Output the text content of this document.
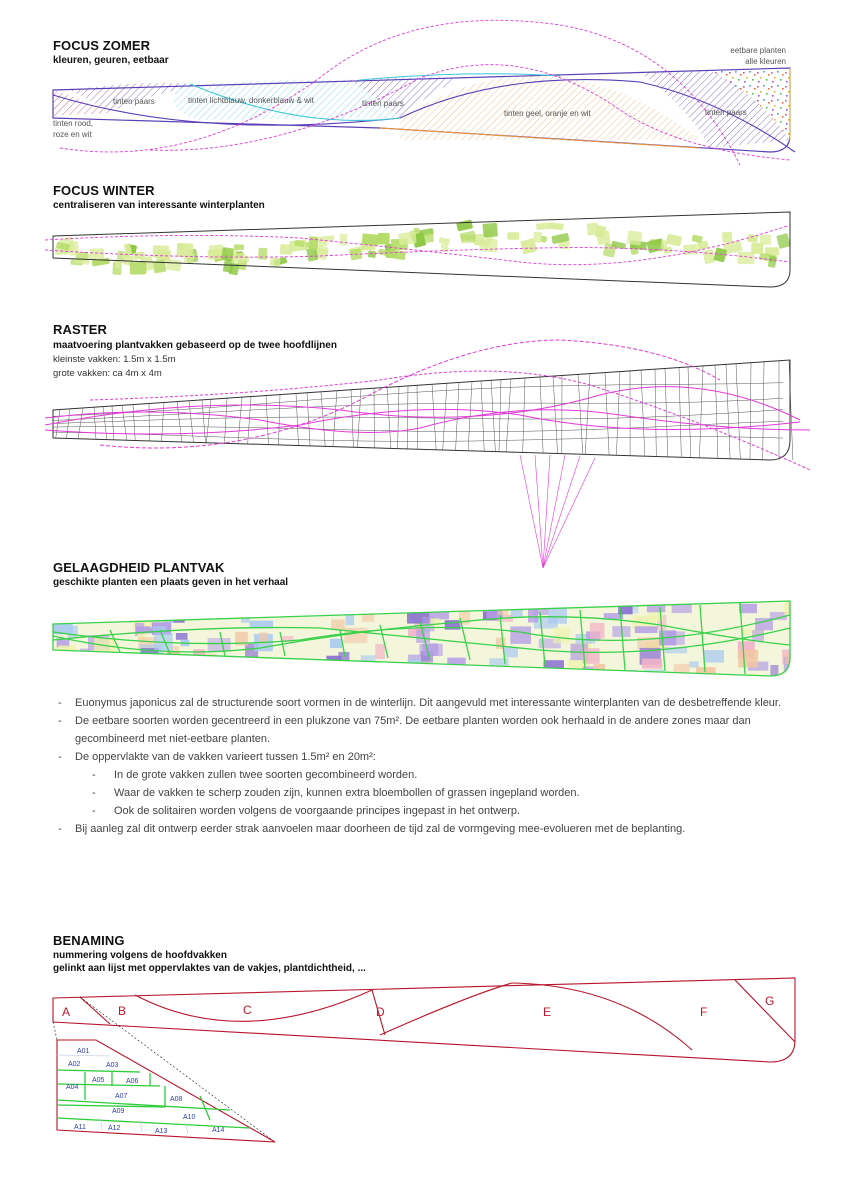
FOCUS ZOMER
kleuren, geuren, eetbaar
tinten rood,
roze en wit
tinten paars	tinten lichtblauw, donkerblauw & wit	tinten paars
tinten geel, oranje en wit	tinten paars
eetbare planten
alle kleuren
FOCUS WINTER
centraliseren van interessante winterplanten
RASTER
maatvoering plantvakken gebaseerd op de twee hoofdlijnen
kleinste vakken: 1.5m x 1.5m
grote vakken: ca 4m x 4m
GELAAGDHEID PLANTVAK
geschikte planten een plaats geven in het verhaal
- Euonymus japonicus zal de structurende soort vormen in de winterlijn. Dit aangevuld met interessante winterplanten van de desbetreffende kleur.
- De eetbare soorten worden gecentreerd in een plukzone van 75m². De eetbare planten worden ook herhaald in de andere zones maar dan gecombineerd met niet-eetbare planten.
- De oppervlakte van de vakken varieert tussen 1.5m² en 20m²:
- In de grote vakken zullen twee soorten gecombineerd worden.
- Waar de vakken te scherp zouden zijn, kunnen extra bloembollen of grassen ingepland worden.
- Ook de solitairen worden volgens de voorgaande principes ingepast in het ontwerp.
- Bij aanleg zal dit ontwerp eerder strak aanvoelen maar doorheen de tijd zal de vormgeving mee-evolueren met de beplanting.
BENAMING
nummering volgens de hoofdvakken
gelinkt aan lijst met oppervlaktes van de vakjes, plantdichtheid, ...
A	B	C	D	E	F
G
A01
A02	A03
A04
A05	A06
A07	A08
A09
A10
A11	A12	A13	A14
